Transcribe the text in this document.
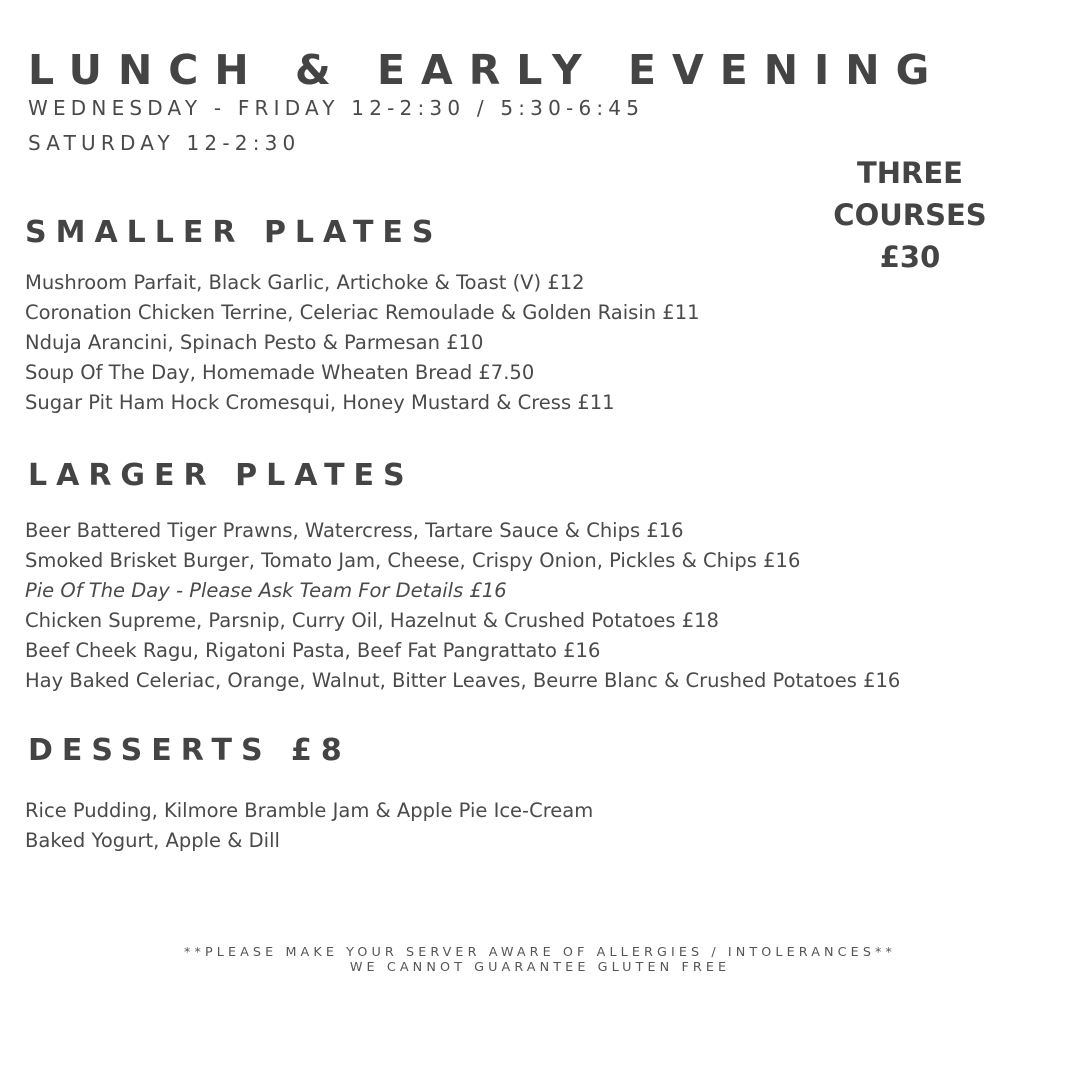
LUNCH & EARLY EVENING

WEDNESDAY - FRIDAY 12-2:30 / 5:30-6:45

SATURDAY 12-2:30

THREE
COURSES
£30
SMALLER PLATES
Mushroom Parfait, Black Garlic, Artichoke & Toast (V) £12
Coronation Chicken Terrine, Celeriac Remoulade & Golden Raisin £11
Nduja Arancini, Spinach Pesto & Parmesan £10
Soup Of The Day, Homemade Wheaten Bread £7.50
Sugar Pit Ham Hock Cromesqui, Honey Mustard & Cress £11
LARGER PLATES
Beer Battered Tiger Prawns, Watercress, Tartare Sauce & Chips £16
Smoked Brisket Burger, Tomato Jam, Cheese, Crispy Onion, Pickles & Chips £16
Pie Of The Day - Please Ask Team For Details £16
Chicken Supreme, Parsnip, Curry Oil, Hazelnut & Crushed Potatoes £18
Beef Cheek Ragu, Rigatoni Pasta, Beef Fat Pangrattato £16
Hay Baked Celeriac, Orange, Walnut, Bitter Leaves, Beurre Blanc & Crushed Potatoes £16
DESSERTS £8
Rice Pudding, Kilmore Bramble Jam & Apple Pie Ice-Cream
Baked Yogurt, Apple & Dill

**PLEASE MAKE YOUR SERVER AWARE OF ALLERGIES / INTOLERANCES**

WE CANNOT GUARANTEE GLUTEN FREE
